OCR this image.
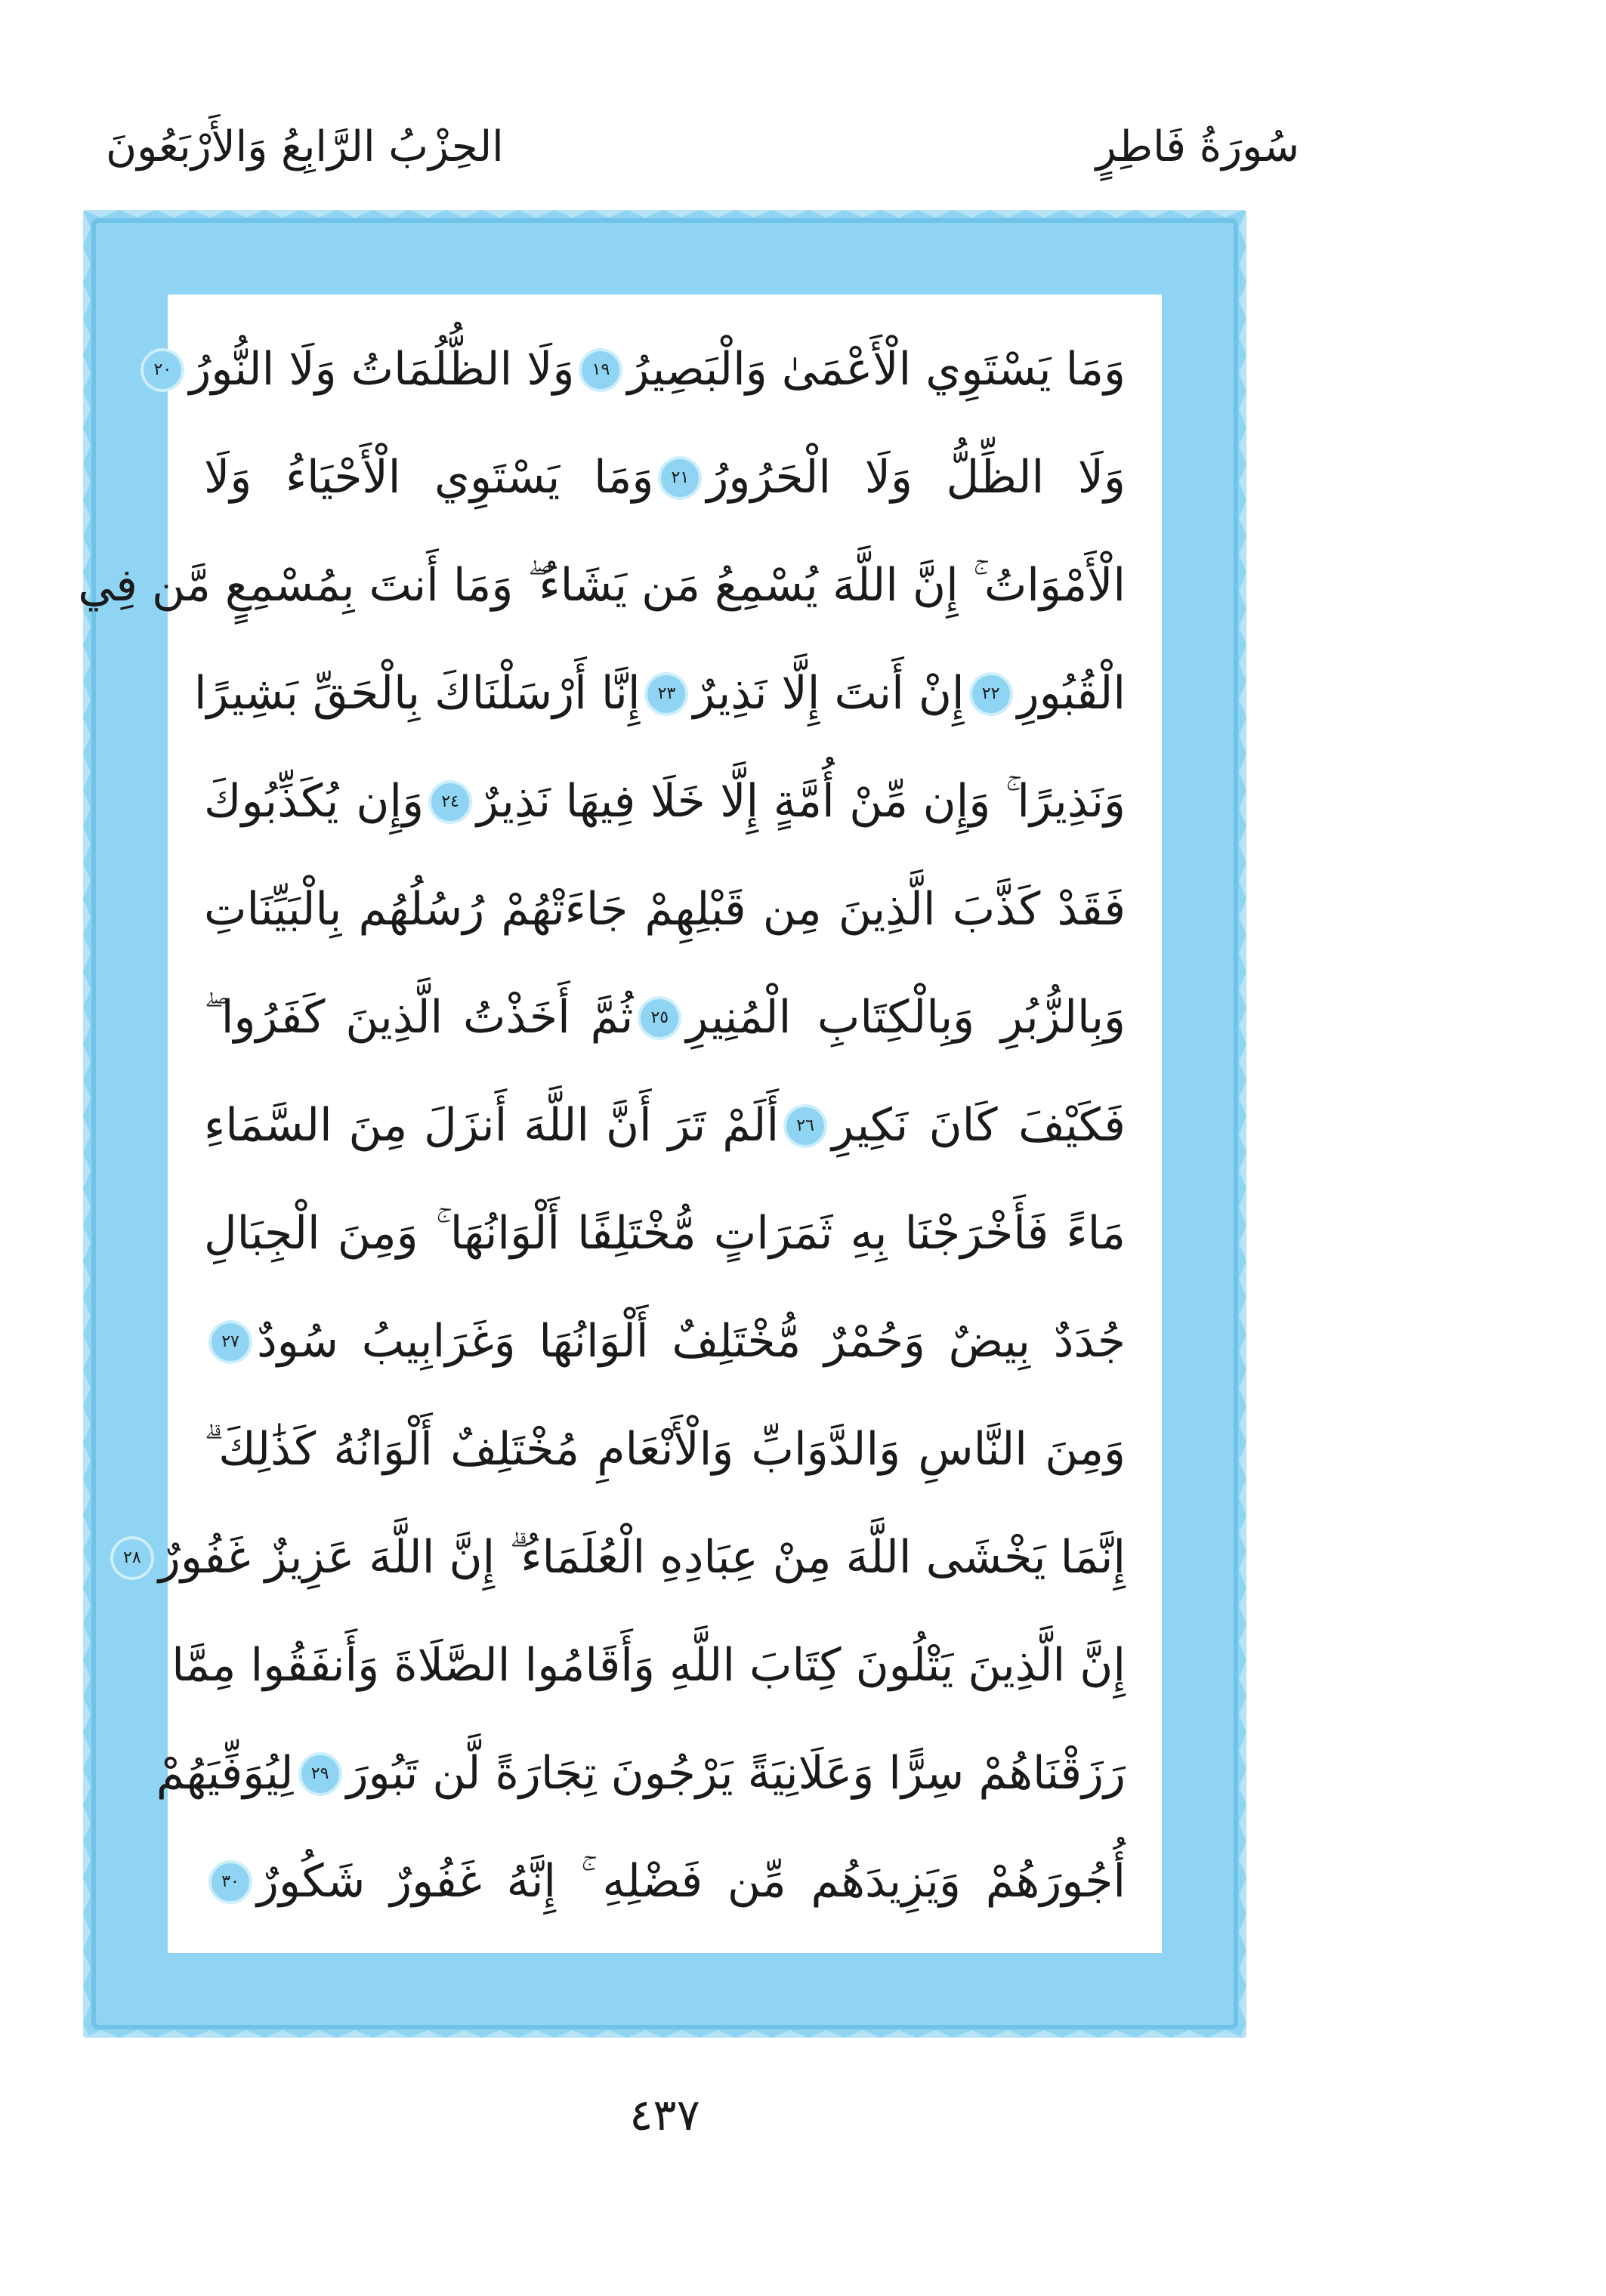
سُورَةُ فَاطِرٍ
الحِزْبُ الرَّابِعُ وَالأَرْبَعُونَ
وَمَا يَسْتَوِي الْأَعْمَىٰ وَالْبَصِيرُ
١٩
وَلَا الظُّلُمَاتُ وَلَا النُّورُ
٢٠
وَلَا الظِّلُّ وَلَا الْحَرُورُ
٢١
وَمَا يَسْتَوِي الْأَحْيَاءُ وَلَا
الْأَمْوَاتُ ۚ إِنَّ اللَّهَ يُسْمِعُ مَن يَشَاءُ ۖ وَمَا أَنتَ بِمُسْمِعٍ مَّن فِي
الْقُبُورِ
٢٢
إِنْ أَنتَ إِلَّا نَذِيرٌ
٢٣
إِنَّا أَرْسَلْنَاكَ بِالْحَقِّ بَشِيرًا
وَنَذِيرًا ۚ وَإِن مِّنْ أُمَّةٍ إِلَّا خَلَا فِيهَا نَذِيرٌ
٢٤
وَإِن يُكَذِّبُوكَ
فَقَدْ كَذَّبَ الَّذِينَ مِن قَبْلِهِمْ جَاءَتْهُمْ رُسُلُهُم بِالْبَيِّنَاتِ
وَبِالزُّبُرِ وَبِالْكِتَابِ الْمُنِيرِ
٢٥
ثُمَّ أَخَذْتُ الَّذِينَ كَفَرُوا ۖ
فَكَيْفَ كَانَ نَكِيرِ
٢٦
أَلَمْ تَرَ أَنَّ اللَّهَ أَنزَلَ مِنَ السَّمَاءِ
مَاءً فَأَخْرَجْنَا بِهِ ثَمَرَاتٍ مُّخْتَلِفًا أَلْوَانُهَا ۚ وَمِنَ الْجِبَالِ
جُدَدٌ بِيضٌ وَحُمْرٌ مُّخْتَلِفٌ أَلْوَانُهَا وَغَرَابِيبُ سُودٌ
٢٧
وَمِنَ النَّاسِ وَالدَّوَابِّ وَالْأَنْعَامِ مُخْتَلِفٌ أَلْوَانُهُ كَذَٰلِكَ ۗ
إِنَّمَا يَخْشَى اللَّهَ مِنْ عِبَادِهِ الْعُلَمَاءُ ۗ إِنَّ اللَّهَ عَزِيزٌ غَفُورٌ
٢٨
إِنَّ الَّذِينَ يَتْلُونَ كِتَابَ اللَّهِ وَأَقَامُوا الصَّلَاةَ وَأَنفَقُوا مِمَّا
رَزَقْنَاهُمْ سِرًّا وَعَلَانِيَةً يَرْجُونَ تِجَارَةً لَّن تَبُورَ
٢٩
لِيُوَفِّيَهُمْ
أُجُورَهُمْ وَيَزِيدَهُم مِّن فَضْلِهِ ۚ إِنَّهُ غَفُورٌ شَكُورٌ
٣٠
٤٣٧
